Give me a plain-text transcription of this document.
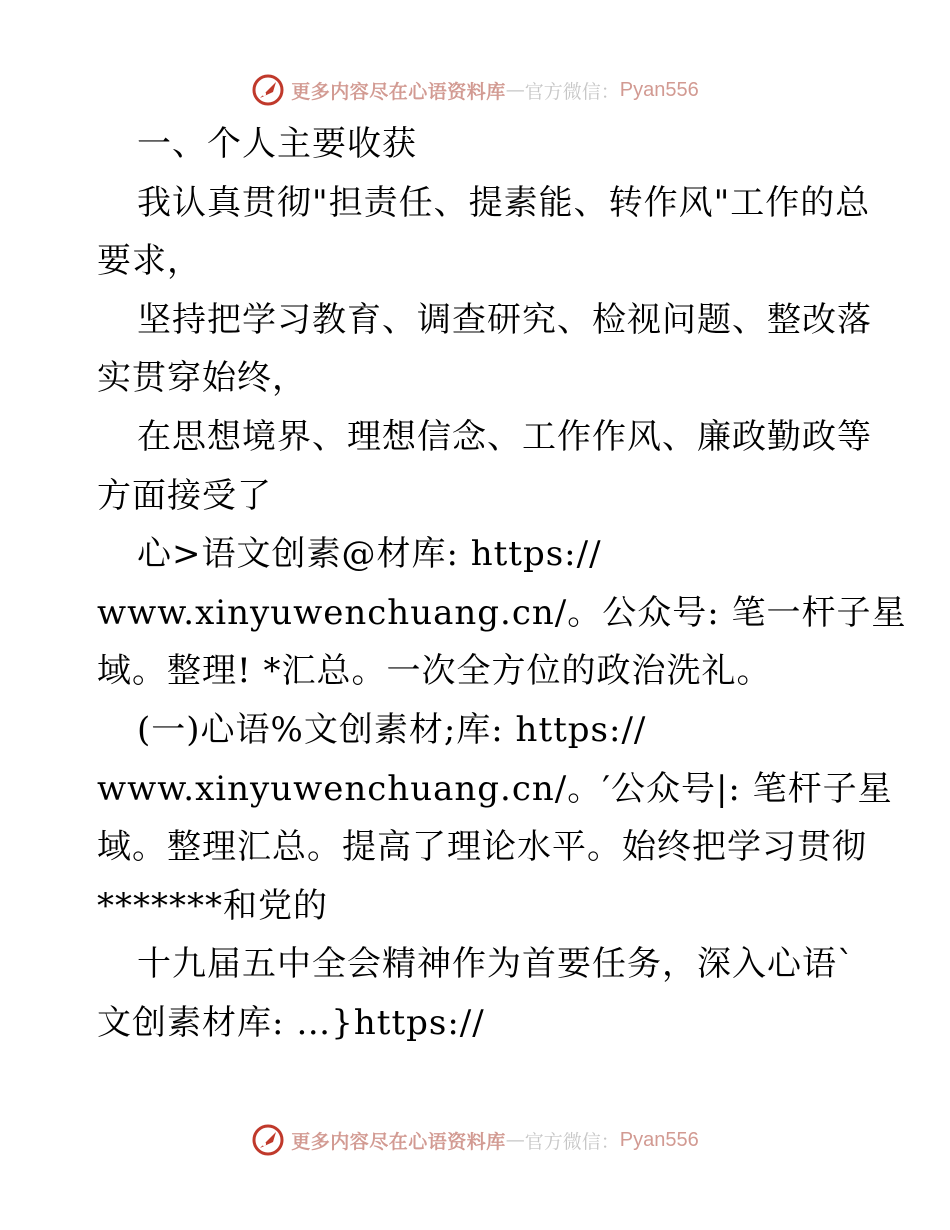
更多内容尽在心语资料库 — 官方微信： Pyan556
一、个人主要收获
我认真贯彻"担责任、提素能、转作风"工作的总
要求，
坚持把学习教育、调查研究、检视问题、整改落
实贯穿始终，
在思想境界、理想信念、工作作风、廉政勤政等
方面接受了
心>语文创素@材库: https://
www.xinyuwenchuang.cn/。公众号: 笔一杆子星
域。整理! *汇总。一次全方位的政治洗礼。
(一)心语%文创素材;库: https://
www.xinyuwenchuang.cn/。′公众号|: 笔杆子星
域。整理汇总。提高了理论水平。始终把学习贯彻
*******和党的
十九届五中全会精神作为首要任务，深入心语`
文创素材库: …}https://
更多内容尽在心语资料库 — 官方微信： Pyan556
